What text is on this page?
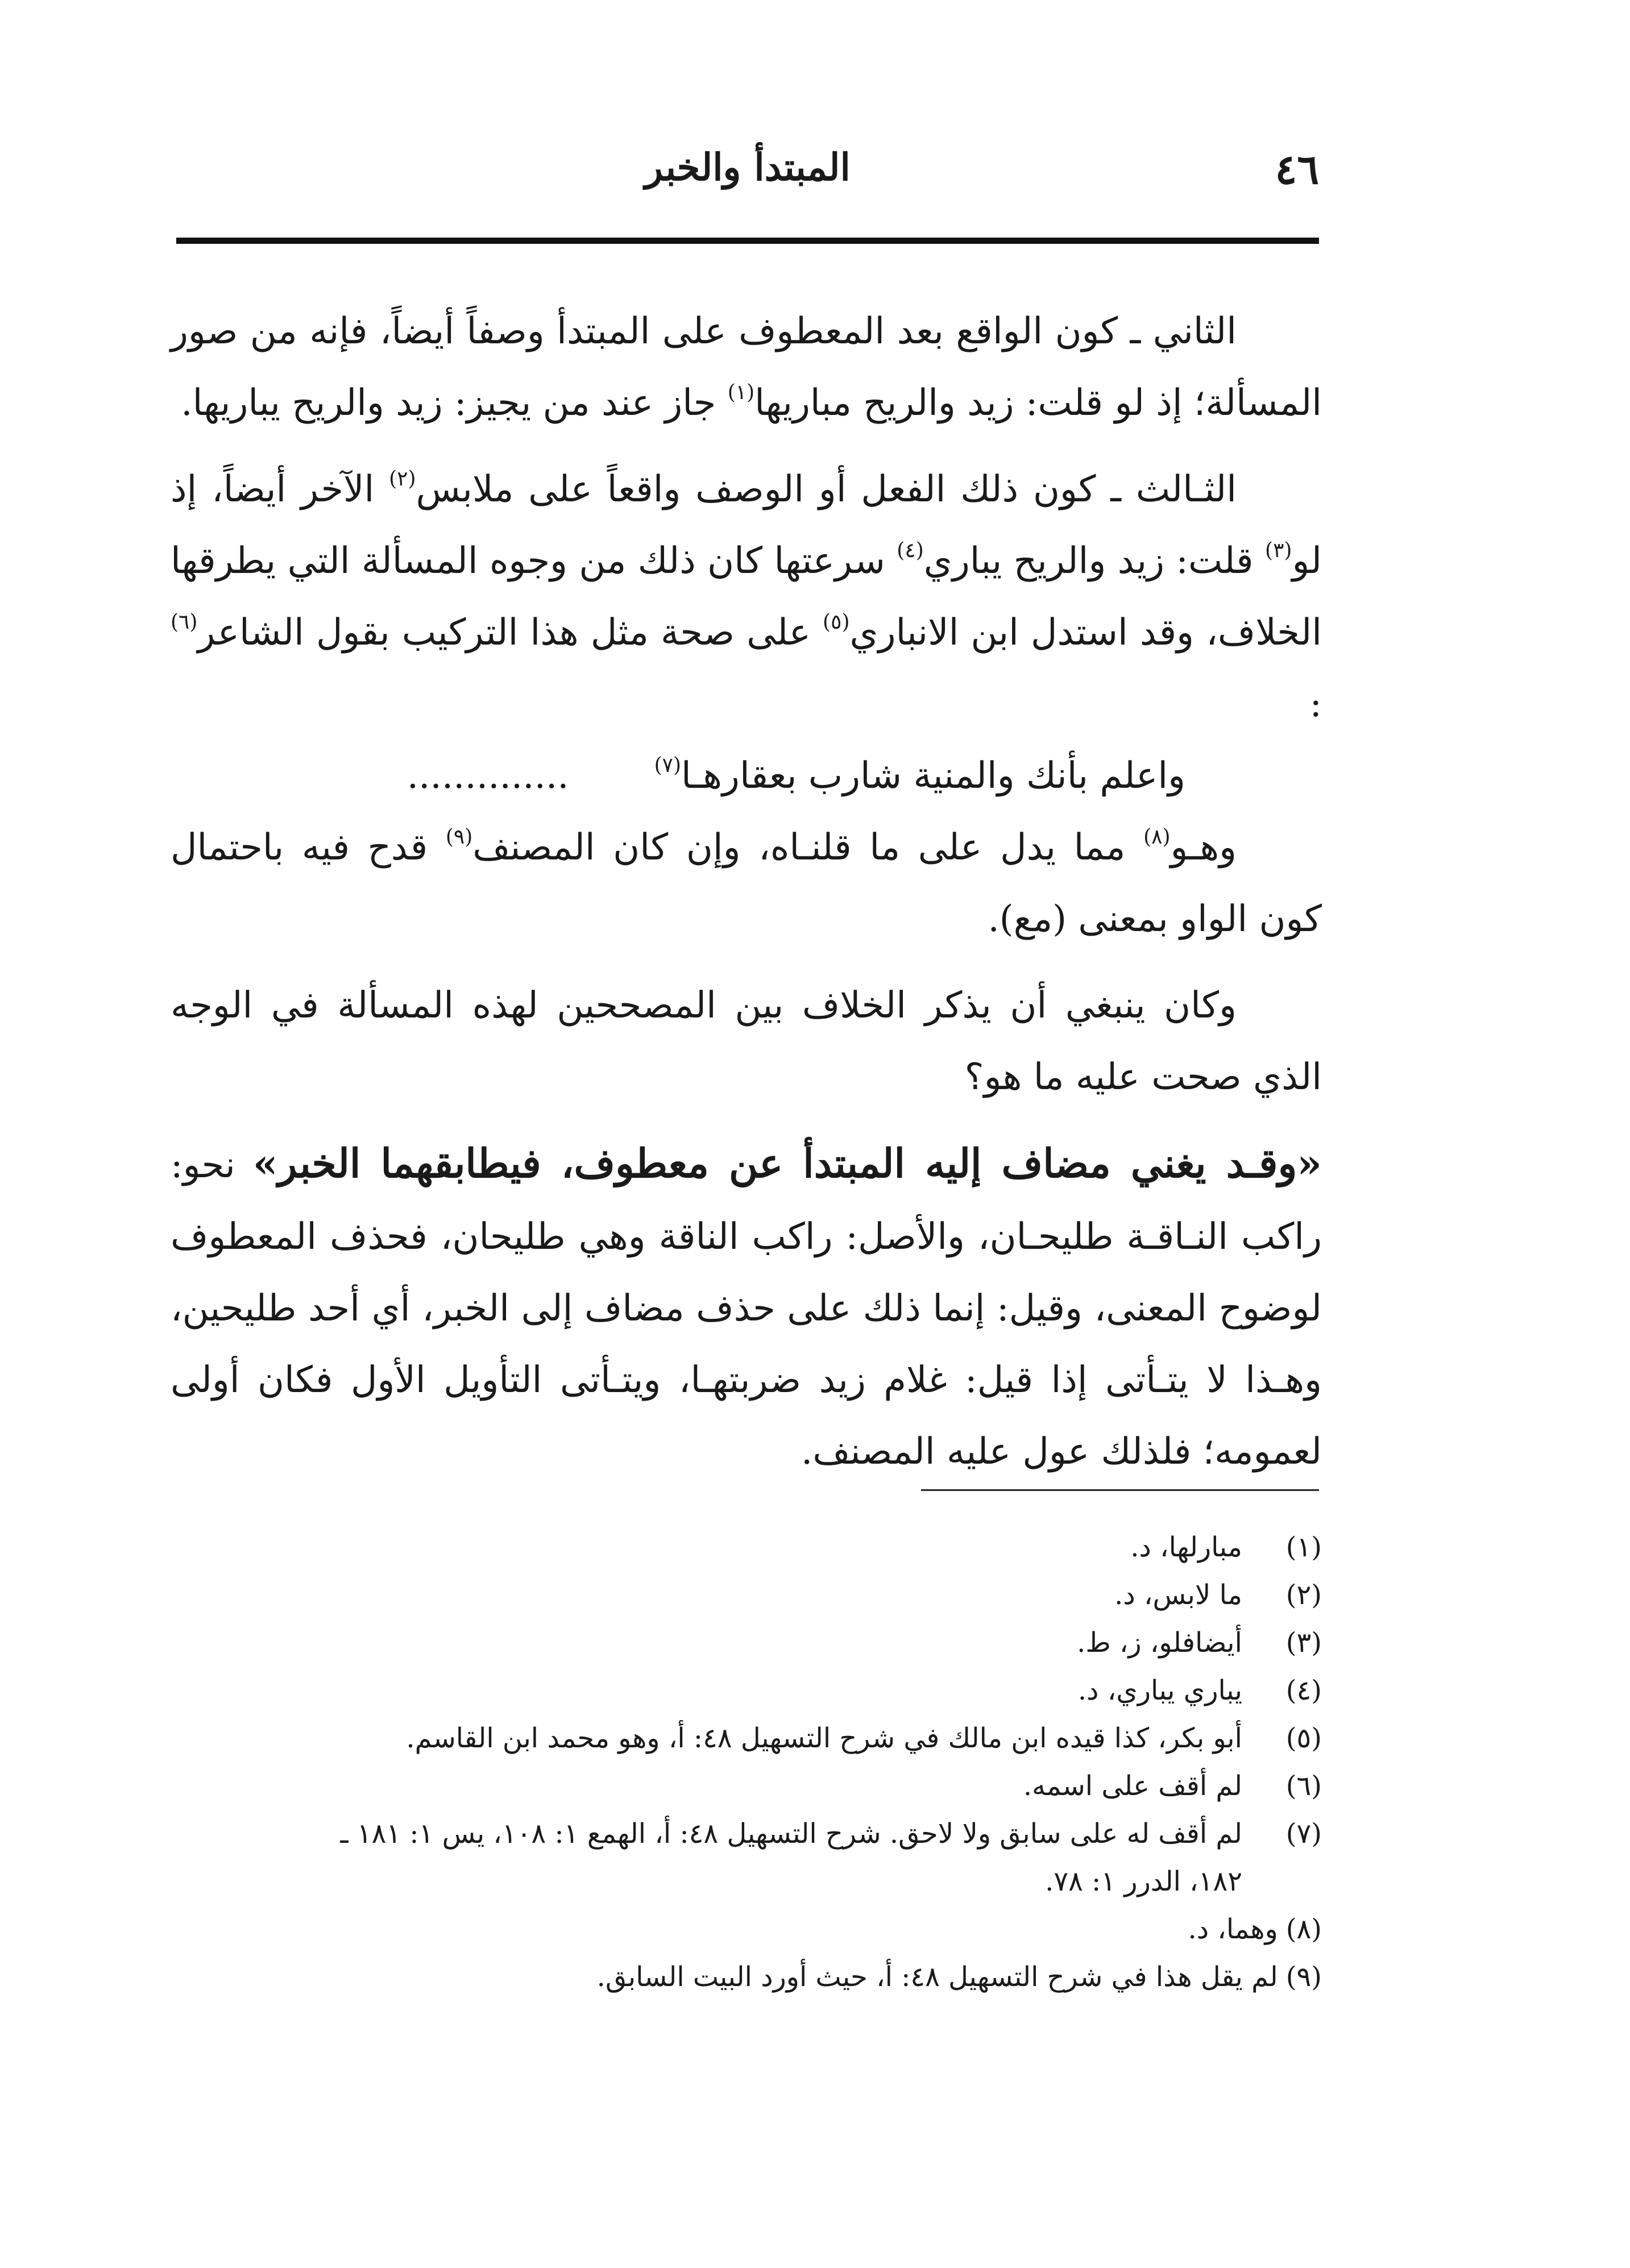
٤٦
المبتدأ والخبر

الثاني ـ كون الواقع بعد المعطوف على المبتدأ وصفاً أيضاً، فإنه من صور المسألة؛ إذ لو قلت: زيد والريح مباريها$^{(١)}$ جاز عند من يجيز: زيد والريح يباريها.

الثـالث ـ كون ذلك الفعل أو الوصف واقعاً على ملابس$^{(٢)}$ الآخر أيضاً، إذ لو$^{(٣)}$ قلت: زيد والريح يباري$^{(٤)}$ سرعتها كان ذلك من وجوه المسألة التي يطرقها الخلاف، وقد استدل ابن الانباري$^{(٥)}$ على صحة مثل هذا التركيب بقول الشاعر$^{(٦)}$ :

واعلم بأنك والمنية شارب بعقارهـا$^{(٧)}$..............

وهـو$^{(٨)}$ مما يدل على ما قلنـاه، وإن كان المصنف$^{(٩)}$ قدح فيه باحتمال كون الواو بمعنى (مع).

وكان ينبغي أن يذكر الخلاف بين المصححين لهذه المسألة في الوجه الذي صحت عليه ما هو؟

«وقـد يغني مضاف إليه المبتدأ عن معطوف، فيطابقهما الخبر» نحو: راكب النـاقـة طليحـان، والأصل: راكب الناقة وهي طليحان، فحذف المعطوف لوضوح المعنى، وقيل: إنما ذلك على حذف مضاف إلى الخبر، أي أحد طليحين، وهـذا لا يتـأتى إذا قيل: غلام زيد ضربتهـا، ويتـأتى التأويل الأول فكان أولى لعمومه؛ فلذلك عول عليه المصنف.

(١)
مبارلها، د.

(٢)
ما لابس، د.

(٣)
أيضافلو، ز، ط.

(٤)
يباري يباري، د.

(٥)
أبو بكر، كذا قيده ابن مالك في شرح التسهيل ٤٨: أ، وهو محمد ابن القاسم.

(٦)
لم أقف على اسمه.

(٧)
لم أقف له على سابق ولا لاحق. شرح التسهيل ٤٨: أ، الهمع ١: ١٠٨، يس ١: ١٨١ ـ

١٨٢، الدرر ١: ٧٨.

(٨)وهما، د.

(٩)لم يقل هذا في شرح التسهيل ٤٨: أ، حيث أورد البيت السابق.
